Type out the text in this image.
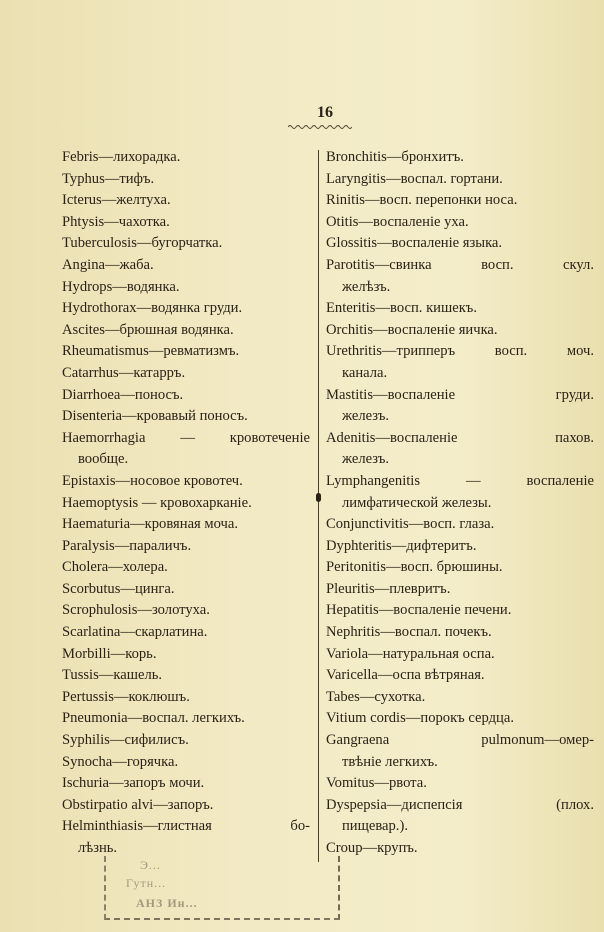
16
Febris—лихорадка.
Typhus—тифъ.
Icterus—желтуха.
Phtysis—чахотка.
Tuberculosis—бугорчатка.
Angina—жаба.
Hydrops—водянка.
Hydrothorax—водянка груди.
Ascites—брюшная водянка.
Rheumatismus—ревматизмъ.
Catarrhus—катарръ.
Diarrhoea—поносъ.
Disenteria—кровавый поносъ.
Haemorrhagia — кровотеченіе
вообще.
Epistaxis—носовое кровотеч.
Haemoptysis — кровохарканіе.
Haematuria—кровяная моча.
Paralysis—параличъ.
Cholera—холера.
Scorbutus—цинга.
Scrophulosis—золотуха.
Scarlatina—скарлатина.
Morbilli—корь.
Tussis—кашель.
Pertussis—коклюшъ.
Pneumonia—воспал. легкихъ.
Syphilis—сифилисъ.
Synocha—горячка.
Ischuria—запоръ мочи.
Obstirpatio alvi—запоръ.
Helminthiasis—глистная бо-
лѣзнь.
Bronchitis—бронхитъ.
Laryngitis—воспал. гортани.
Rinitis—восп. перепонки носа.
Otitis—воспаленіе уха.
Glossitis—воспаленіе языка.
Parotitis—свинка восп. скул.
желѣзъ.
Enteritis—восп. кишекъ.
Orchitis—воспаленіе яичка.
Urethritis—трипперъ восп. моч.
канала.
Mastitis—воспаленіе груди.
железъ.
Adenitis—воспаленіе пахов.
железъ.
Lymphangenitis — воспаленіе
лимфатической железы.
Conjunctivitis—восп. глаза.
Dyphteritis—дифтеритъ.
Peritonitis—восп. брюшины.
Pleuritis—плевритъ.
Hepatitis—воспаленіе печени.
Nephritis—воспал. почекъ.
Variola—натуральная оспа.
Varicella—оспа вѣтряная.
Tabes—сухотка.
Vitium cordis—порокъ сердца.
Gangraena pulmonum—омер-
твѣніе легкихъ.
Vomitus—рвота.
Dyspepsia—диспепсія (плох.
пищевар.).
Croup—крупъ.
Э...
Гутн...
АНЗ Ин...
